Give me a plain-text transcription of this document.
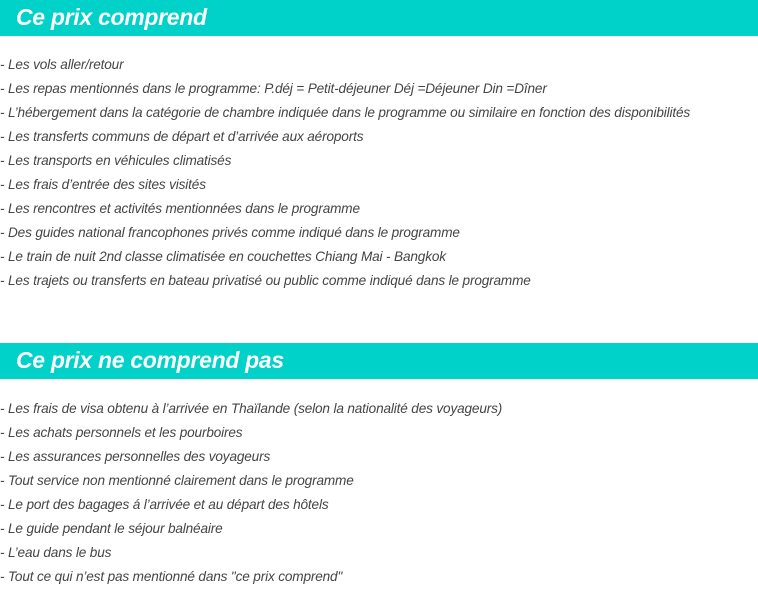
Ce prix comprend
- Les vols aller/retour
- Les repas mentionnés dans le programme: P.déj = Petit-déjeuner Déj =Déjeuner Din =Dîner
- L’hébergement dans la catégorie de chambre indiquée dans le programme ou similaire en fonction des disponibilités
- Les transferts communs de départ et d’arrivée aux aéroports
- Les transports en véhicules climatisés
- Les frais d’entrée des sites visités
- Les rencontres et activités mentionnées dans le programme
- Des guides national francophones privés comme indiqué dans le programme
- Le train de nuit 2nd classe climatisée en couchettes Chiang Mai - Bangkok
- Les trajets ou transferts en bateau privatisé ou public comme indiqué dans le programme
Ce prix ne comprend pas
- Les frais de visa obtenu à l’arrivée en Thaïlande (selon la nationalité des voyageurs)
- Les achats personnels et les pourboires
- Les assurances personnelles des voyageurs
- Tout service non mentionné clairement dans le programme
- Le port des bagages á l’arrivée et au départ des hôtels
- Le guide pendant le séjour balnéaire
- L’eau dans le bus
- Tout ce qui n’est pas mentionné dans "ce prix comprend"
